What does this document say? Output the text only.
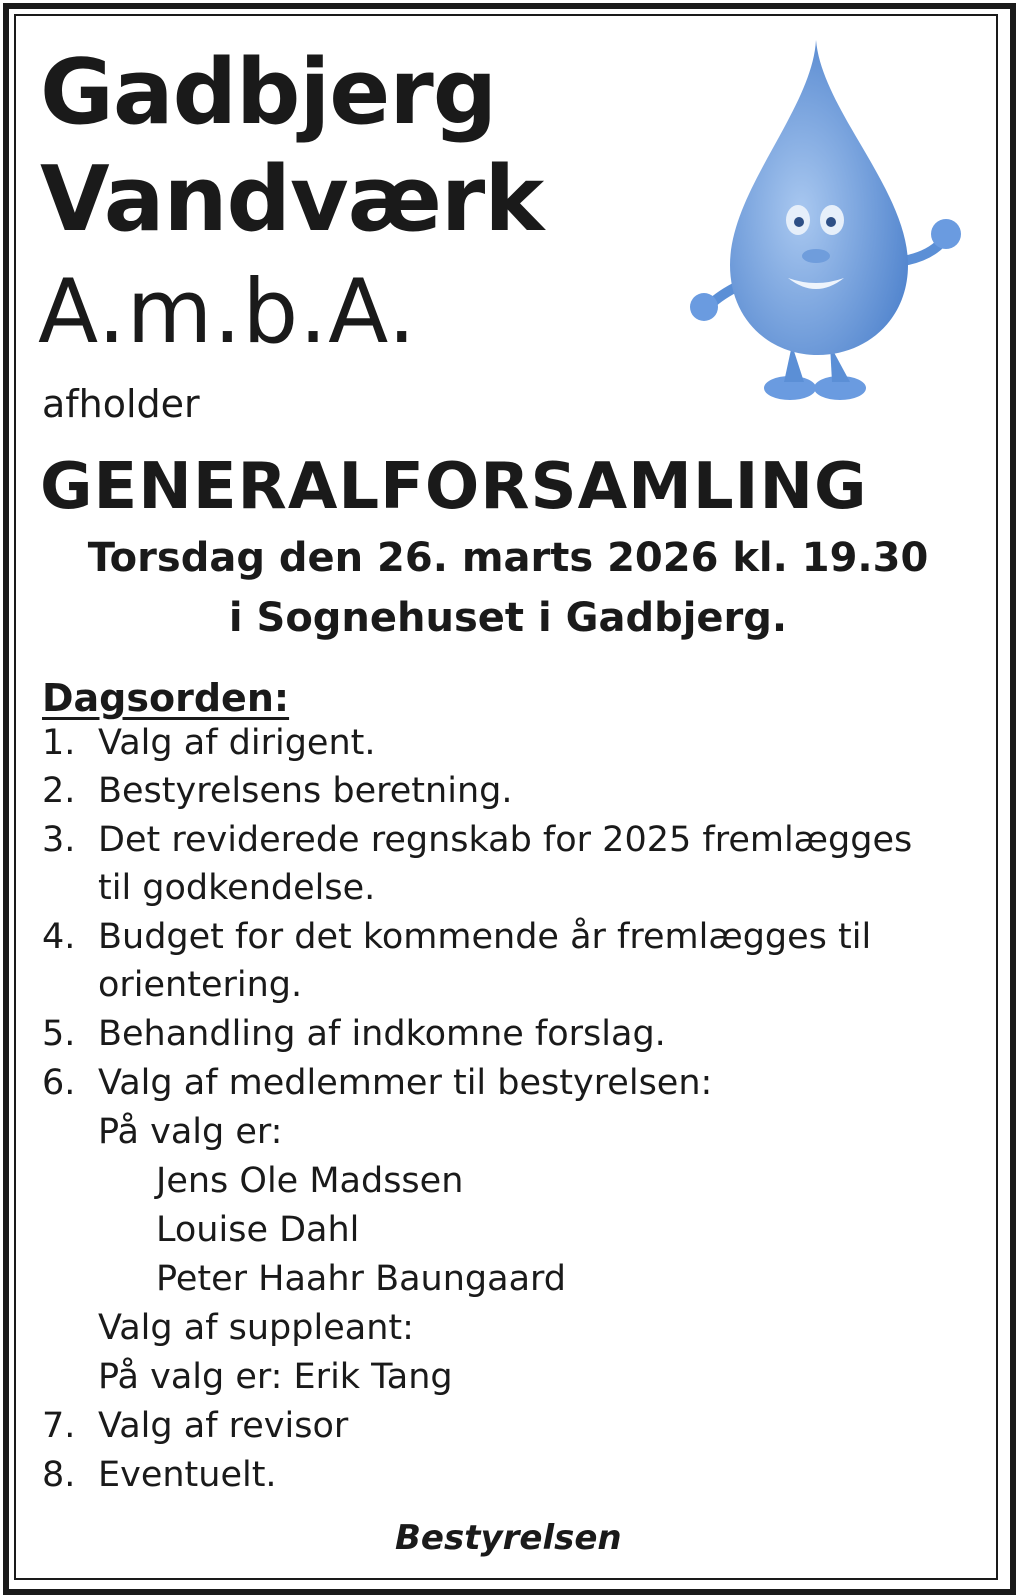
Gadbjerg
Vandværk
A.m.b.A.
afholder
GENERALFORSAMLING
Torsdag den 26. marts 2026 kl. 19.30
i Sognehuset i Gadbjerg.
Dagsorden:
1. Valg af dirigent.
2. Bestyrelsens beretning.
3. Det reviderede regnskab for 2025 fremlægges
til godkendelse.
4. Budget for det kommende år fremlægges til
orientering.
5. Behandling af indkomne forslag.
6. Valg af medlemmer til bestyrelsen:
På valg er:
Jens Ole Madssen
Louise Dahl
Peter Haahr Baungaard
Valg af suppleant:
På valg er: Erik Tang
7. Valg af revisor
8. Eventuelt.
Bestyrelsen
